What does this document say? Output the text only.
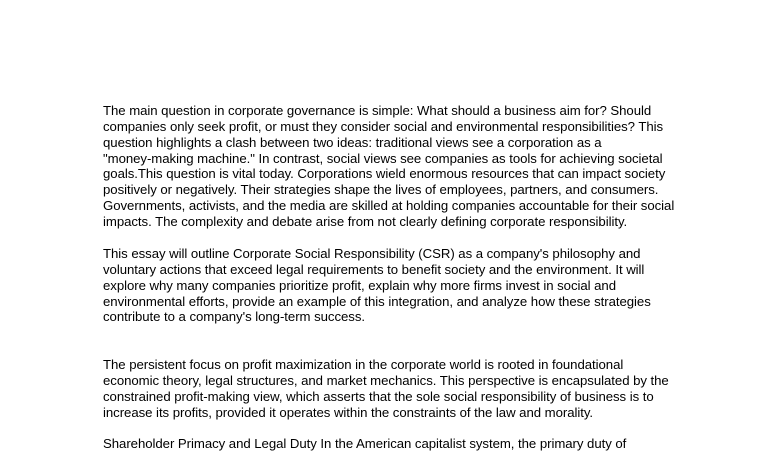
The main question in corporate governance is simple: What should a business aim for? Should
companies only seek profit, or must they consider social and environmental responsibilities? This
question highlights a clash between two ideas: traditional views see a corporation as a
"money-making machine." In contrast, social views see companies as tools for achieving societal
goals.This question is vital today. Corporations wield enormous resources that can impact society
positively or negatively. Their strategies shape the lives of employees, partners, and consumers.
Governments, activists, and the media are skilled at holding companies accountable for their social
impacts. The complexity and debate arise from not clearly defining corporate responsibility.
This essay will outline Corporate Social Responsibility (CSR) as a company's philosophy and
voluntary actions that exceed legal requirements to benefit society and the environment. It will
explore why many companies prioritize profit, explain why more firms invest in social and
environmental efforts, provide an example of this integration, and analyze how these strategies
contribute to a company's long-term success.
The persistent focus on profit maximization in the corporate world is rooted in foundational
economic theory, legal structures, and market mechanics. This perspective is encapsulated by the
constrained profit-making view, which asserts that the sole social responsibility of business is to
increase its profits, provided it operates within the constraints of the law and morality.
Shareholder Primacy and Legal Duty In the American capitalist system, the primary duty of
